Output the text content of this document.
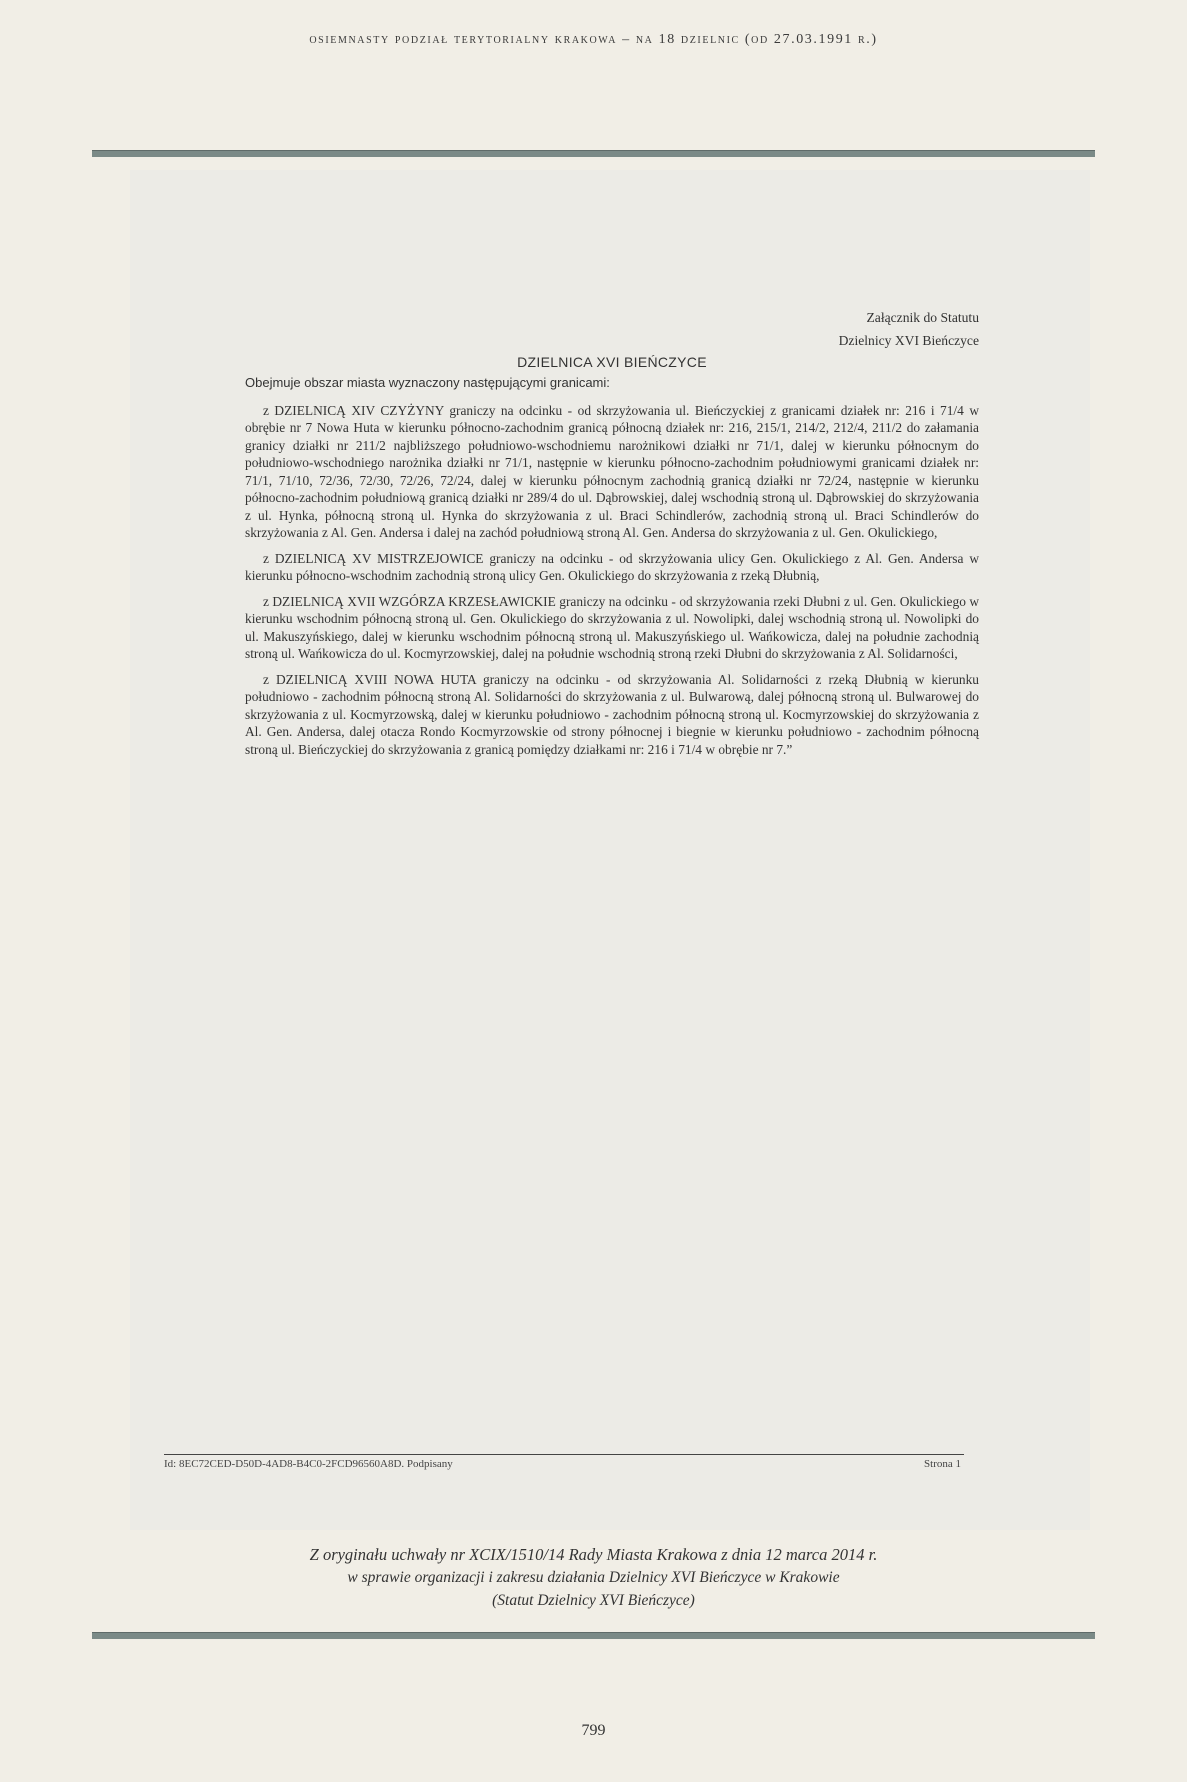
osiemnasty podział terytorialny krakowa – na 18 dzielnic (od 27.03.1991 r.)
Załącznik do Statutu
Dzielnicy XVI Bieńczyce
DZIELNICA XVI BIEŃCZYCE

Obejmuje obszar miasta wyznaczony następującymi granicami:

z DZIELNICĄ XIV CZYŻYNY graniczy na odcinku - od skrzyżowania ul. Bieńczyckiej z granicami działek nr: 216 i 71/4 w obrębie nr 7 Nowa Huta w kierunku północno-zachodnim granicą północną działek nr: 216, 215/1, 214/2, 212/4, 211/2 do załamania granicy działki nr 211/2 najbliższego południowo-wschodniemu narożnikowi działki nr 71/1, dalej w kierunku północnym do południowo-wschodniego narożnika działki nr 71/1, następnie w kierunku północno-zachodnim południowymi granicami działek nr: 71/1, 71/10, 72/36, 72/30, 72/26, 72/24, dalej w kierunku północnym zachodnią granicą działki nr 72/24, następnie w kierunku północno-zachodnim południową granicą działki nr 289/4 do ul. Dąbrowskiej, dalej wschodnią stroną ul. Dąbrowskiej do skrzyżowania z ul. Hynka, północną stroną ul. Hynka do skrzyżowania z ul. Braci Schindlerów, zachodnią stroną ul. Braci Schindlerów do skrzyżowania z Al. Gen. Andersa i dalej na zachód południową stroną Al. Gen. Andersa do skrzyżowania z ul. Gen. Okulickiego,

z DZIELNICĄ XV MISTRZEJOWICE graniczy na odcinku - od skrzyżowania ulicy Gen. Okulickiego z Al. Gen. Andersa w kierunku północno-wschodnim zachodnią stroną ulicy Gen. Okulickiego do skrzyżowania z rzeką Dłubnią,

z DZIELNICĄ XVII WZGÓRZA KRZESŁAWICKIE graniczy na odcinku - od skrzyżowania rzeki Dłubni z ul. Gen. Okulickiego w kierunku wschodnim północną stroną ul. Gen. Okulickiego do skrzyżowania z ul. Nowolipki, dalej wschodnią stroną ul. Nowolipki do ul. Makuszyńskiego, dalej w kierunku wschodnim północną stroną ul. Makuszyńskiego ul. Wańkowicza, dalej na południe zachodnią stroną ul. Wańkowicza do ul. Kocmyrzowskiej, dalej na południe wschodnią stroną rzeki Dłubni do skrzyżowania z Al. Solidarności,

z DZIELNICĄ XVIII NOWA HUTA graniczy na odcinku - od skrzyżowania Al. Solidarności z rzeką Dłubnią w kierunku południowo - zachodnim północną stroną Al. Solidarności do skrzyżowania z ul. Bulwarową, dalej północną stroną ul. Bulwarowej do skrzyżowania z ul. Kocmyrzowską, dalej w kierunku południowo - zachodnim północną stroną ul. Kocmyrzowskiej do skrzyżowania z Al. Gen. Andersa, dalej otacza Rondo Kocmyrzowskie od strony północnej i biegnie w kierunku południowo - zachodnim północną stroną ul. Bieńczyckiej do skrzyżowania z granicą pomiędzy działkami nr: 216 i 71/4 w obrębie nr 7.”

Id: 8EC72CED-D50D-4AD8-B4C0-2FCD96560A8D. Podpisany	Strona 1
Z oryginału uchwały nr XCIX/1510/14 Rady Miasta Krakowa z dnia 12 marca 2014 r.
w sprawie organizacji i zakresu działania Dzielnicy XVI Bieńczyce w Krakowie
(Statut Dzielnicy XVI Bieńczyce)
799
